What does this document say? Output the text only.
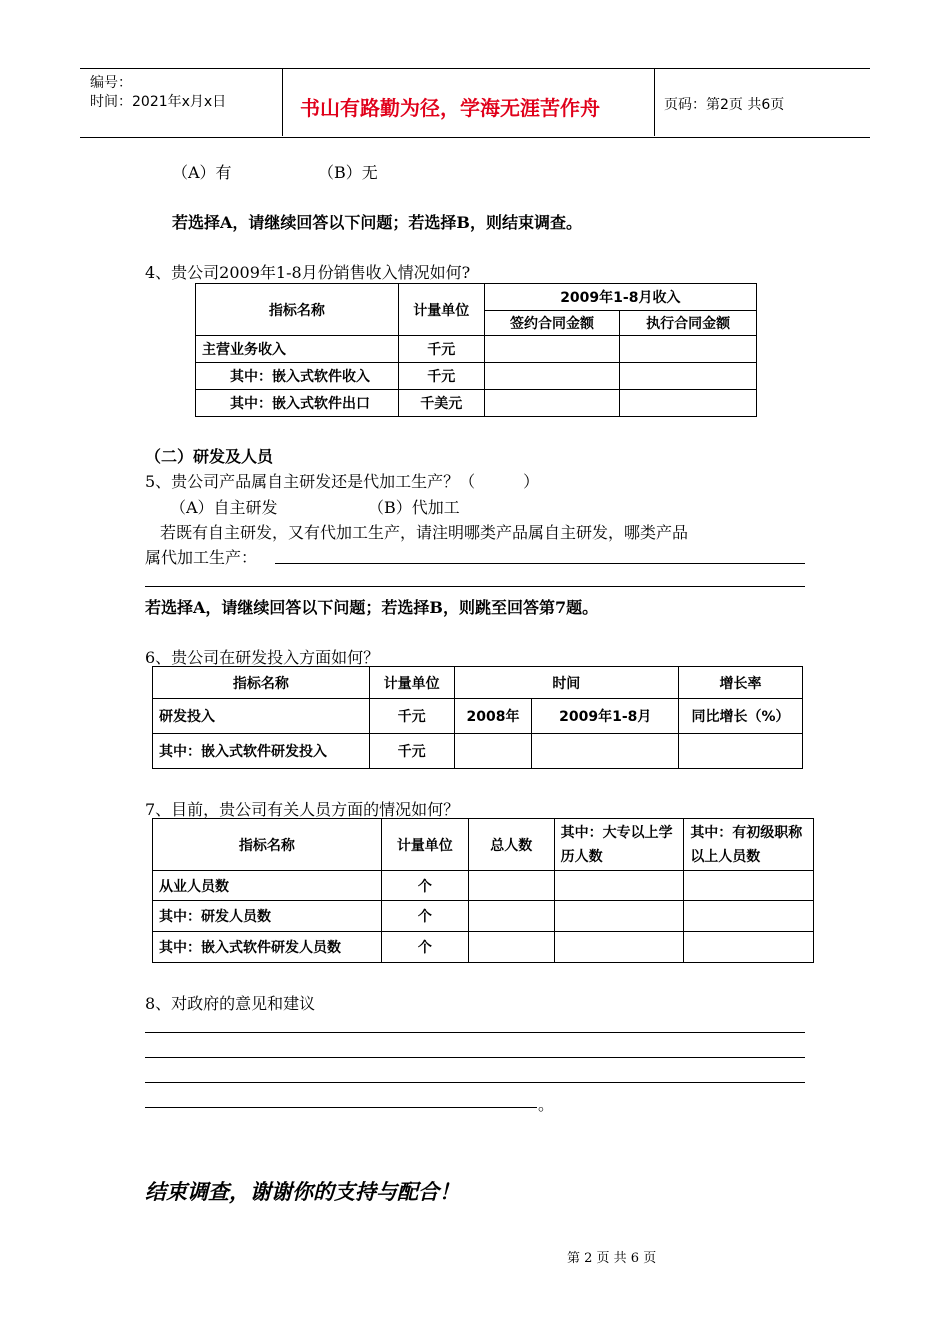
编号：
时间：2021年x月x日	书山有路勤为径，学海无涯苦作舟	页码：第2页 共6页
（A）有	（B）无
若选择A，请继续回答以下问题；若选择B，则结束调查。
4、贵公司2009年1-8月份销售收入情况如何?
指标名称	计量单位	2009年1-8月收入	
		签约合同金额	执行合同金额
主营业务收入	千元		
其中：嵌入式软件收入	千元		
其中：嵌入式软件出口	千美元		
（二）研发及人员
5、贵公司产品属自主研发还是代加工生产？（　　　）
（A）自主研发	（B）代加工
若既有自主研发，又有代加工生产，请注明哪类产品属自主研发，哪类产品
属代加工生产：
若选择A，请继续回答以下问题；若选择B，则跳至回答第7题。
6、贵公司在研发投入方面如何？
指标名称	计量单位	时间		增长率
研发投入	千元	2008年	2009年1-8月	同比增长（%）
其中：嵌入式软件研发投入	千元			
7、目前，贵公司有关人员方面的情况如何？
指标名称	计量单位	总人数	其中：大专以上学历人数	其中：有初级职称以上人员数
从业人员数	个			
其中：研发人员数	个			
其中：嵌入式软件研发人员数	个			
8、对政府的意见和建议
。
结束调查，谢谢你的支持与配合！
第 2 页 共 6 页
